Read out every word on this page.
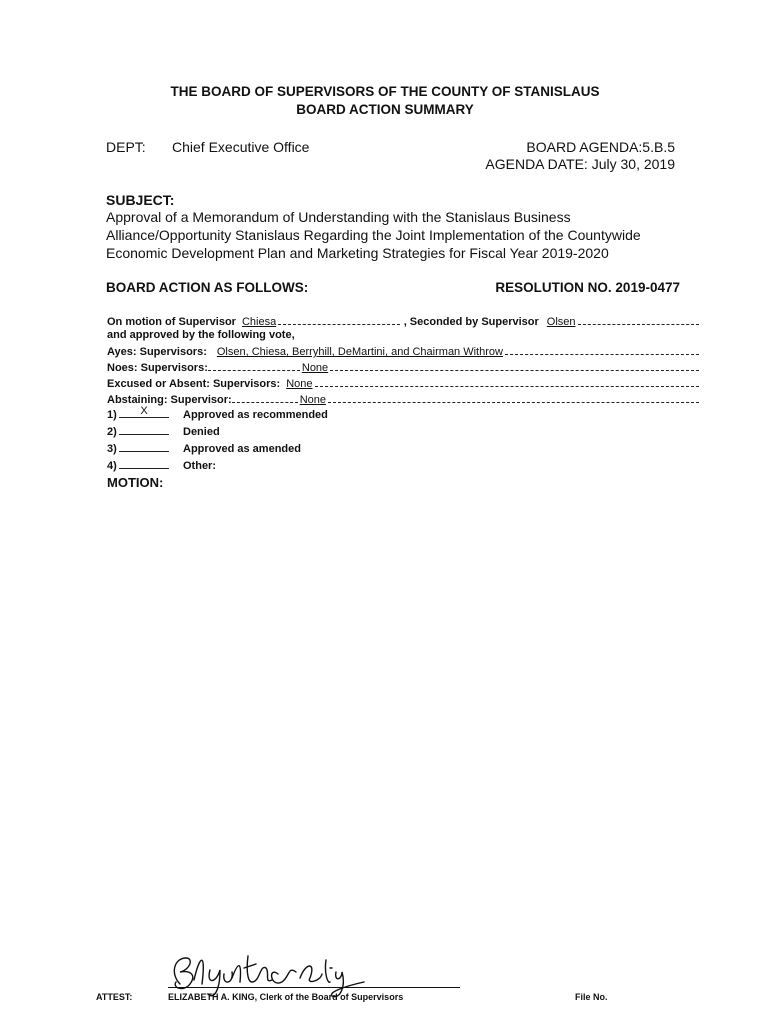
THE BOARD OF SUPERVISORS OF THE COUNTY OF STANISLAUS
BOARD ACTION SUMMARY
DEPT: Chief Executive Office	BOARD AGENDA:5.B.5
AGENDA DATE: July 30, 2019
SUBJECT:
Approval of a Memorandum of Understanding with the Stanislaus Business
Alliance/Opportunity Stanislaus Regarding the Joint Implementation of the Countywide
Economic Development Plan and Marketing Strategies for Fiscal Year 2019-2020
BOARD ACTION AS FOLLOWS:	RESOLUTION NO. 2019-0477
On motion of Supervisor Chiesa	, Seconded by Supervisor Olsen
and approved by the following vote,
Ayes: Supervisors: Olsen, Chiesa, Berryhill, DeMartini, and Chairman Withrow
Noes: Supervisors:	None
Excused or Absent: Supervisors: None
Abstaining: Supervisor:	None
1)	X	Approved as recommended
2)	Denied
3)	Approved as amended
4)	Other:
MOTION:
ATTEST:	ELIZABETH A. KING, Clerk of the Board of Supervisors	File No.
